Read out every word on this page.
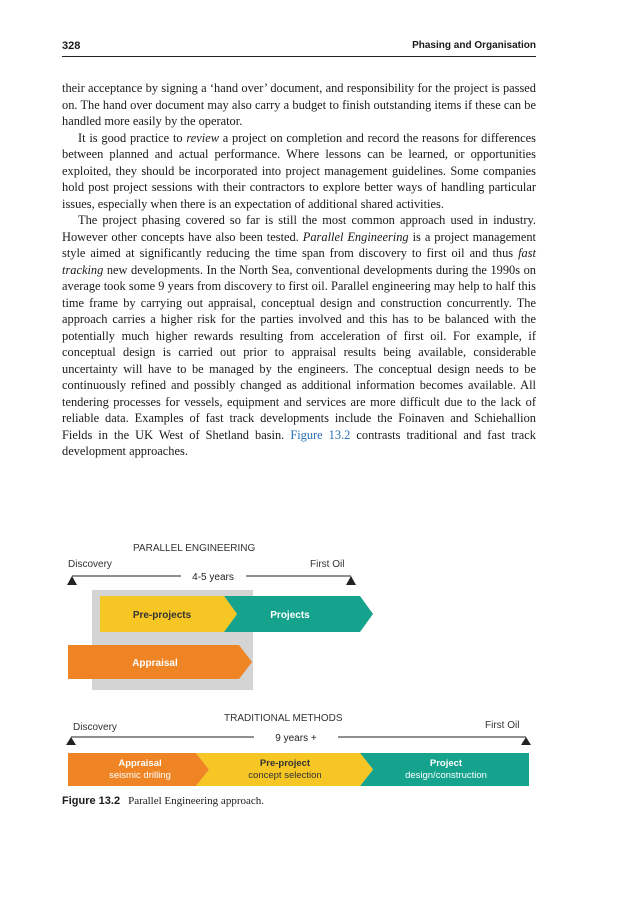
328	Phasing and Organisation

their acceptance by signing a ‘hand over’ document, and responsibility for the project is passed on. The hand over document may also carry a budget to finish outstanding items if these can be handled more easily by the operator.

It is good practice to review a project on completion and record the reasons for differences between planned and actual performance. Where lessons can be learned, or opportunities exploited, they should be incorporated into project management guidelines. Some companies hold post project sessions with their contractors to explore better ways of handling particular issues, especially when there is an expectation of additional shared activities.

The project phasing covered so far is still the most common approach used in industry. However other concepts have also been tested. Parallel Engineering is a project management style aimed at significantly reducing the time span from discovery to first oil and thus fast tracking new developments. In the North Sea, conventional developments during the 1990s on average took some 9 years from discovery to first oil. Parallel engineering may help to half this time frame by carrying out appraisal, conceptual design and construction concurrently. The approach carries a higher risk for the parties involved and this has to be balanced with the potentially much higher rewards resulting from acceleration of first oil. For example, if conceptual design is carried out prior to appraisal results being available, considerable uncertainty will have to be managed by the engineers. The conceptual design needs to be continuously refined and possibly changed as additional information becomes available. All tendering processes for vessels, equipment and services are more difficult due to the lack of reliable data. Examples of fast track developments include the Foinaven and Schiehallion Fields in the UK West of Shetland basin. Figure 13.2 contrasts traditional and fast track development approaches.

PARALLEL ENGINEERING
Discovery	First Oil
TRADITIONAL METHODS
Discovery	First Oil
4-5 years
Pre-projects	Projects
Appraisal
9 years +
Appraisal
seismic drilling
Pre-project
concept selection
Project
design/construction
Figure 13.2 Parallel Engineering approach.
